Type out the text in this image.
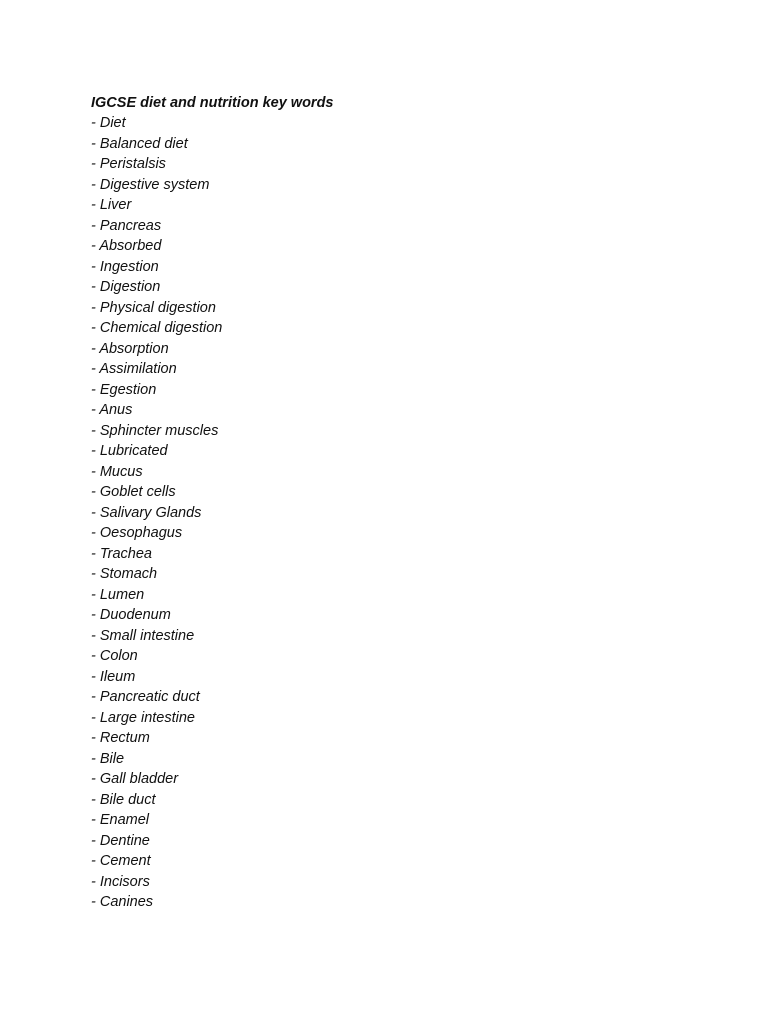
IGCSE diet and nutrition key words
- Diet
- Balanced diet
- Peristalsis
- Digestive system
- Liver
- Pancreas
- Absorbed
- Ingestion
- Digestion
- Physical digestion
- Chemical digestion
- Absorption
- Assimilation
- Egestion
- Anus
- Sphincter muscles
- Lubricated
- Mucus
- Goblet cells
- Salivary Glands
- Oesophagus
- Trachea
- Stomach
- Lumen
- Duodenum
- Small intestine
- Colon
- Ileum
- Pancreatic duct
- Large intestine
- Rectum
- Bile
- Gall bladder
- Bile duct
- Enamel
- Dentine
- Cement
- Incisors
- Canines
